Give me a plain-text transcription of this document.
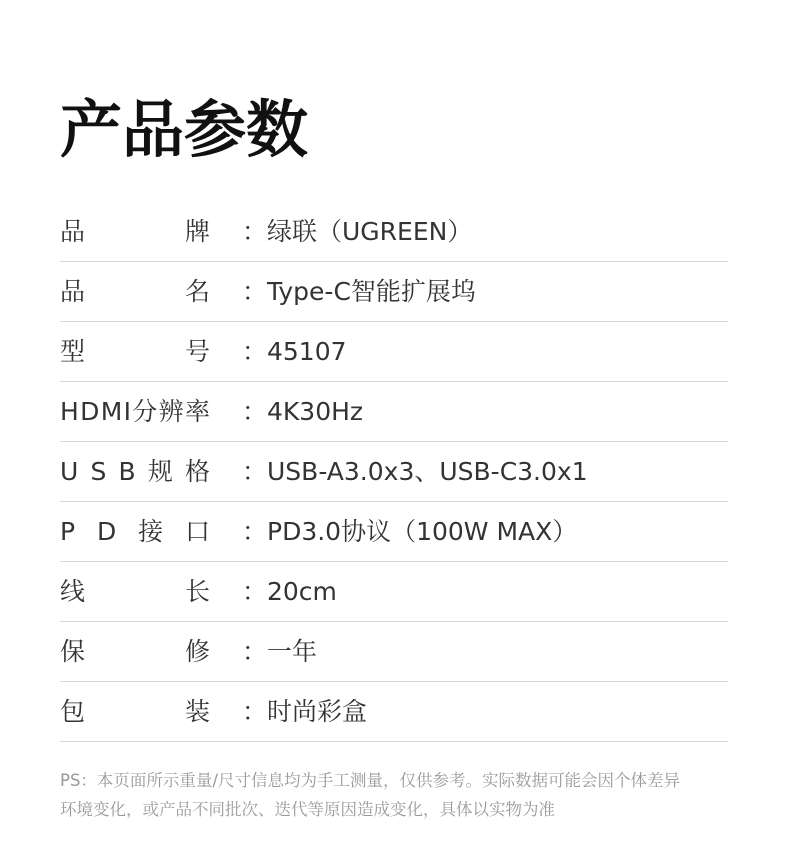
产品参数
品	牌 ：绿联（UGREEN）
品	名 ：Type-C智能扩展坞
型	号 ：45107
H D M I 分 辨 率 ：4K30Hz
U S B 规 格 ：USB-A3.0x3、USB-C3.0x1
P D 接 口 ：PD3.0协议（100W MAX）
线	长 ：20cm
保	修 ：一年
包	装 ：时尚彩盒

PS：本页面所示重量/尺寸信息均为手工测量，仅供参考。实际数据可能会因个体差异
环境变化，或产品不同批次、迭代等原因造成变化，具体以实物为准
